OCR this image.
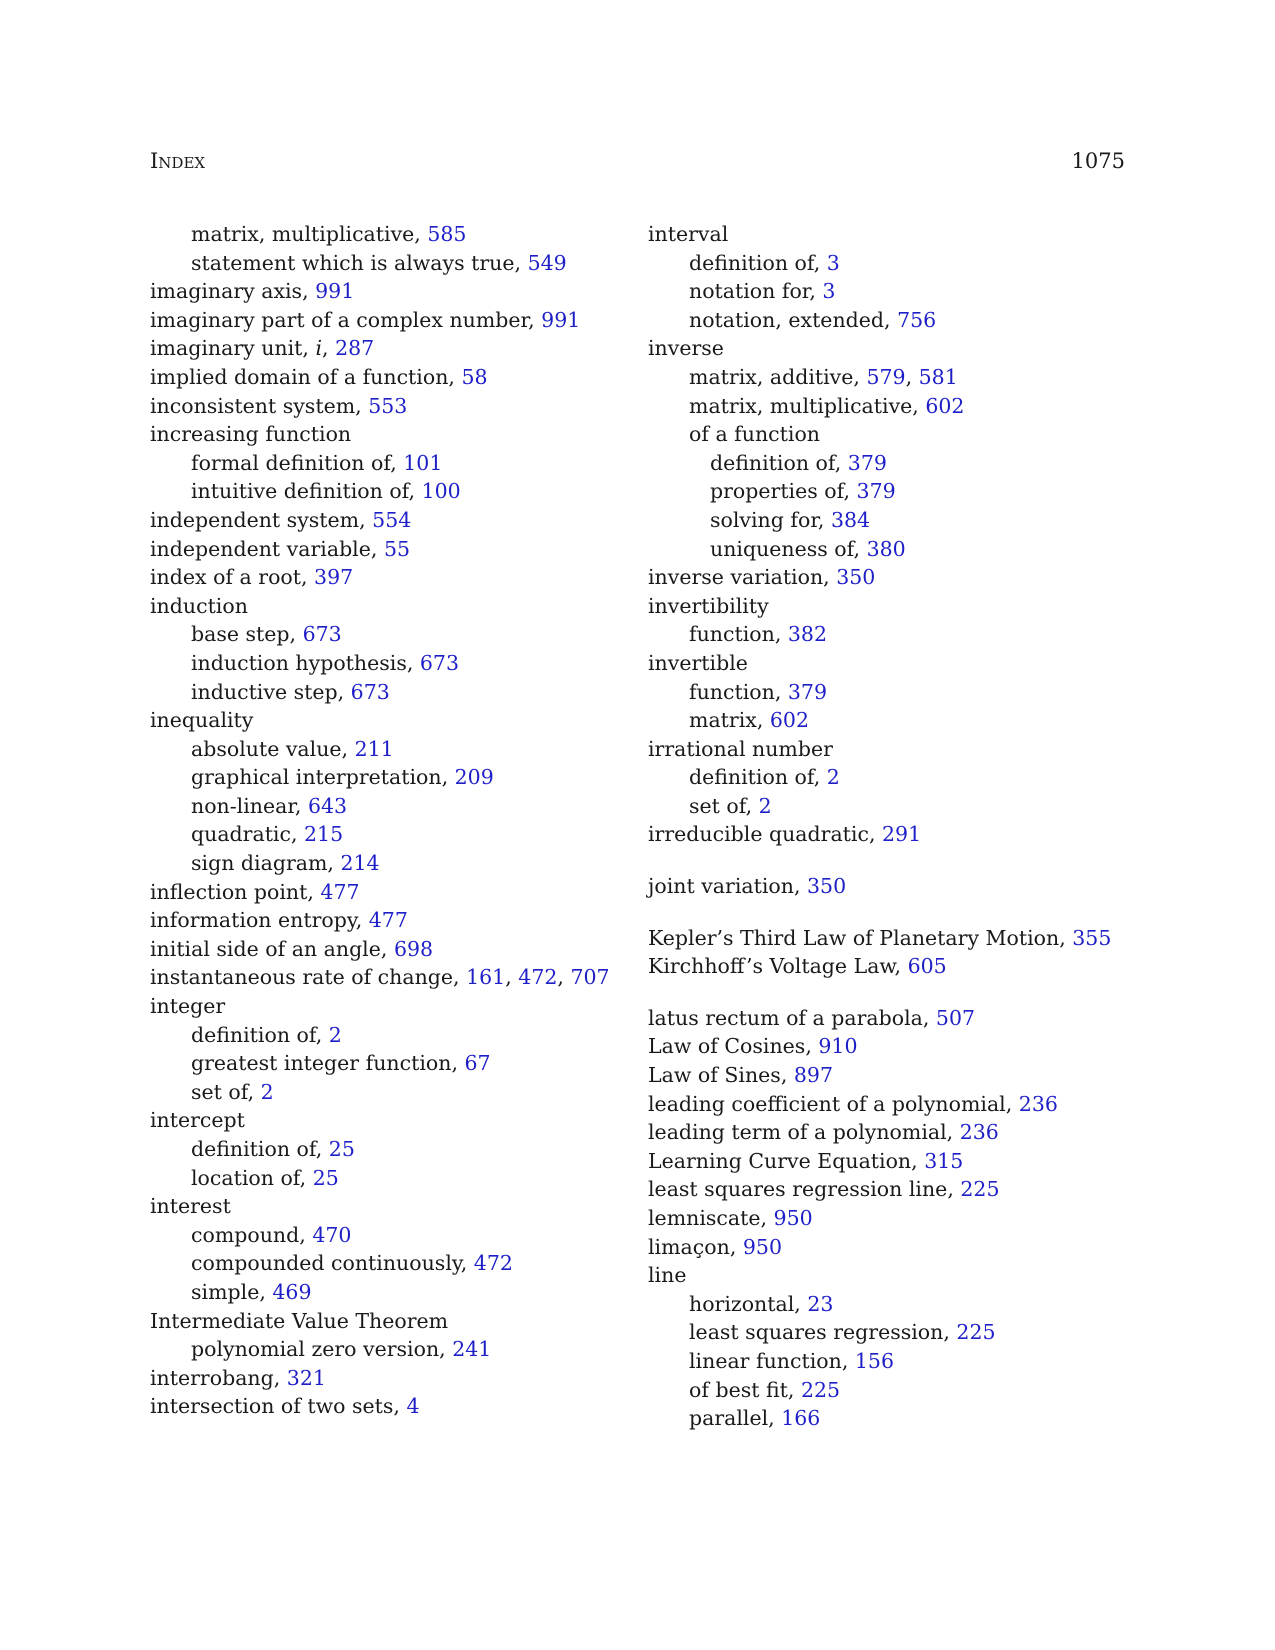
Index	1075
matrix, multiplicative, 585
statement which is always true, 549
imaginary axis, 991
imaginary part of a complex number, 991
imaginary unit, i, 287
implied domain of a function, 58
inconsistent system, 553
increasing function
formal definition of, 101
intuitive definition of, 100
independent system, 554
independent variable, 55
index of a root, 397
induction
base step, 673
induction hypothesis, 673
inductive step, 673
inequality
absolute value, 211
graphical interpretation, 209
non-linear, 643
quadratic, 215
sign diagram, 214
inflection point, 477
information entropy, 477
initial side of an angle, 698
instantaneous rate of change, 161, 472, 707
integer
definition of, 2
greatest integer function, 67
set of, 2
intercept
definition of, 25
location of, 25
interest
compound, 470
compounded continuously, 472
simple, 469
Intermediate Value Theorem
polynomial zero version, 241
interrobang, 321
intersection of two sets, 4
interval
definition of, 3
notation for, 3
notation, extended, 756
inverse
matrix, additive, 579, 581
matrix, multiplicative, 602
of a function
definition of, 379
properties of, 379
solving for, 384
uniqueness of, 380
inverse variation, 350
invertibility
function, 382
invertible
function, 379
matrix, 602
irrational number
definition of, 2
set of, 2
irreducible quadratic, 291
joint variation, 350
Kepler’s Third Law of Planetary Motion, 355
Kirchhoff’s Voltage Law, 605
latus rectum of a parabola, 507
Law of Cosines, 910
Law of Sines, 897
leading coefficient of a polynomial, 236
leading term of a polynomial, 236
Learning Curve Equation, 315
least squares regression line, 225
lemniscate, 950
limaçon, 950
line
horizontal, 23
least squares regression, 225
linear function, 156
of best fit, 225
parallel, 166
